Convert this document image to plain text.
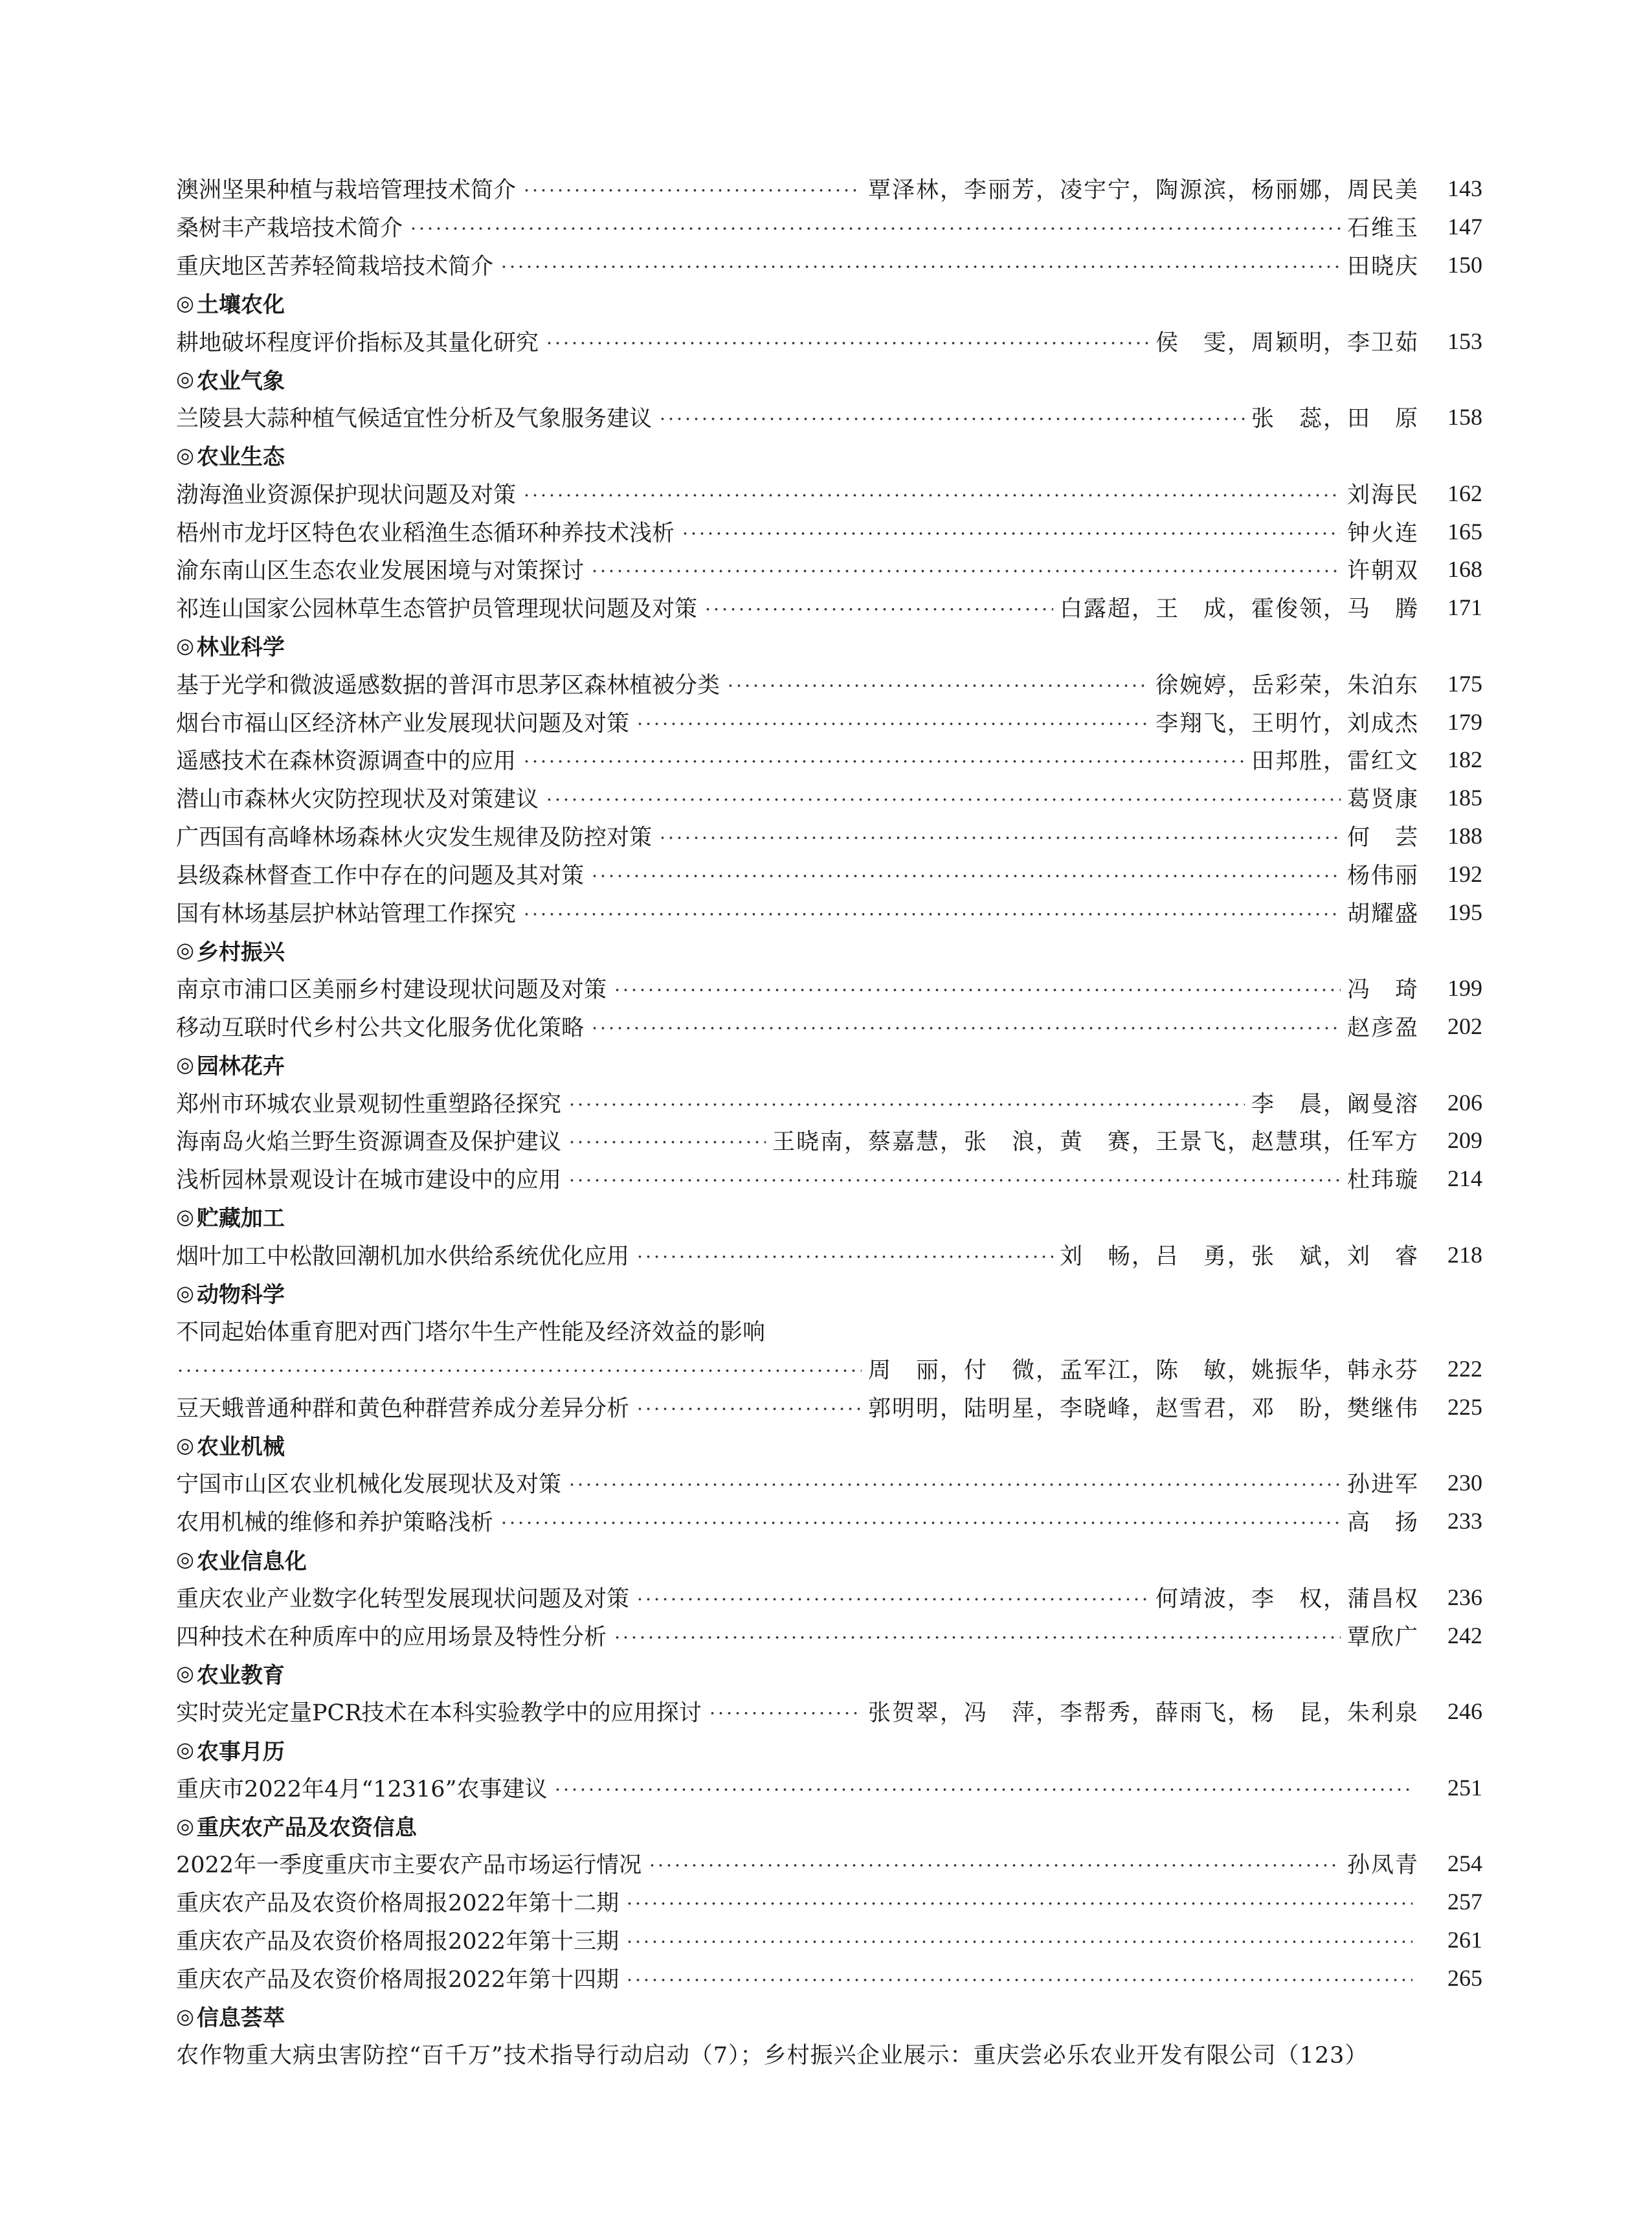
澳洲坚果种植与栽培管理技术简介	覃泽林，李丽芳，凌宇宁，陶源滨，杨丽娜，周民美	143
桑树丰产栽培技术简介	石维玉	147
重庆地区苦荞轻简栽培技术简介	田晓庆	150
◎ 土壤农化
耕地破坏程度评价指标及其量化研究	侯　雯，周颖明，李卫茹	153
◎ 农业气象
兰陵县大蒜种植气候适宜性分析及气象服务建议	张　蕊，田　原	158
◎ 农业生态
渤海渔业资源保护现状问题及对策	刘海民	162
梧州市龙圩区特色农业稻渔生态循环种养技术浅析	钟火连	165
渝东南山区生态农业发展困境与对策探讨	许朝双	168
祁连山国家公园林草生态管护员管理现状问题及对策	白露超，王　成，霍俊领，马　腾	171
◎ 林业科学
基于光学和微波遥感数据的普洱市思茅区森林植被分类	徐婉婷，岳彩荣，朱泊东	175
烟台市福山区经济林产业发展现状问题及对策	李翔飞，王明竹，刘成杰	179
遥感技术在森林资源调查中的应用	田邦胜，雷红文	182
潜山市森林火灾防控现状及对策建议	葛贤康	185
广西国有高峰林场森林火灾发生规律及防控对策	何　芸	188
县级森林督查工作中存在的问题及其对策	杨伟丽	192
国有林场基层护林站管理工作探究	胡耀盛	195
◎ 乡村振兴
南京市浦口区美丽乡村建设现状问题及对策	冯　琦	199
移动互联时代乡村公共文化服务优化策略	赵彦盈	202
◎ 园林花卉
郑州市环城农业景观韧性重塑路径探究	李　晨，阚曼溶	206
海南岛火焰兰野生资源调查及保护建议	王晓南，蔡嘉慧，张　浪，黄　赛，王景飞，赵慧琪，任军方	209
浅析园林景观设计在城市建设中的应用	杜玮璇	214
◎ 贮藏加工
烟叶加工中松散回潮机加水供给系统优化应用	刘　畅，吕　勇，张　斌，刘　睿	218
◎ 动物科学
不同起始体重育肥对西门塔尔牛生产性能及经济效益的影响
周　丽，付　微，孟军江，陈　敏，姚振华，韩永芬	222
豆天蛾普通种群和黄色种群营养成分差异分析	郭明明，陆明星，李晓峰，赵雪君，邓　盼，樊继伟	225
◎ 农业机械
宁国市山区农业机械化发展现状及对策	孙进军	230
农用机械的维修和养护策略浅析	高　扬	233
◎ 农业信息化
重庆农业产业数字化转型发展现状问题及对策	何靖波，李　权，蒲昌权	236
四种技术在种质库中的应用场景及特性分析	覃欣广	242
◎ 农业教育
实时荧光定量PCR技术在本科实验教学中的应用探讨	张贺翠，冯　萍，李帮秀，薛雨飞，杨　昆，朱利泉	246
◎ 农事月历
重庆市2022年4月“12316”农事建议	251
◎ 重庆农产品及农资信息
2022年一季度重庆市主要农产品市场运行情况	孙凤青	254
重庆农产品及农资价格周报2022年第十二期	257
重庆农产品及农资价格周报2022年第十三期	261
重庆农产品及农资价格周报2022年第十四期	265
◎ 信息荟萃
农作物重大病虫害防控“百千万”技术指导行动启动（7）；乡村振兴企业展示：重庆尝必乐农业开发有限公司（123）
